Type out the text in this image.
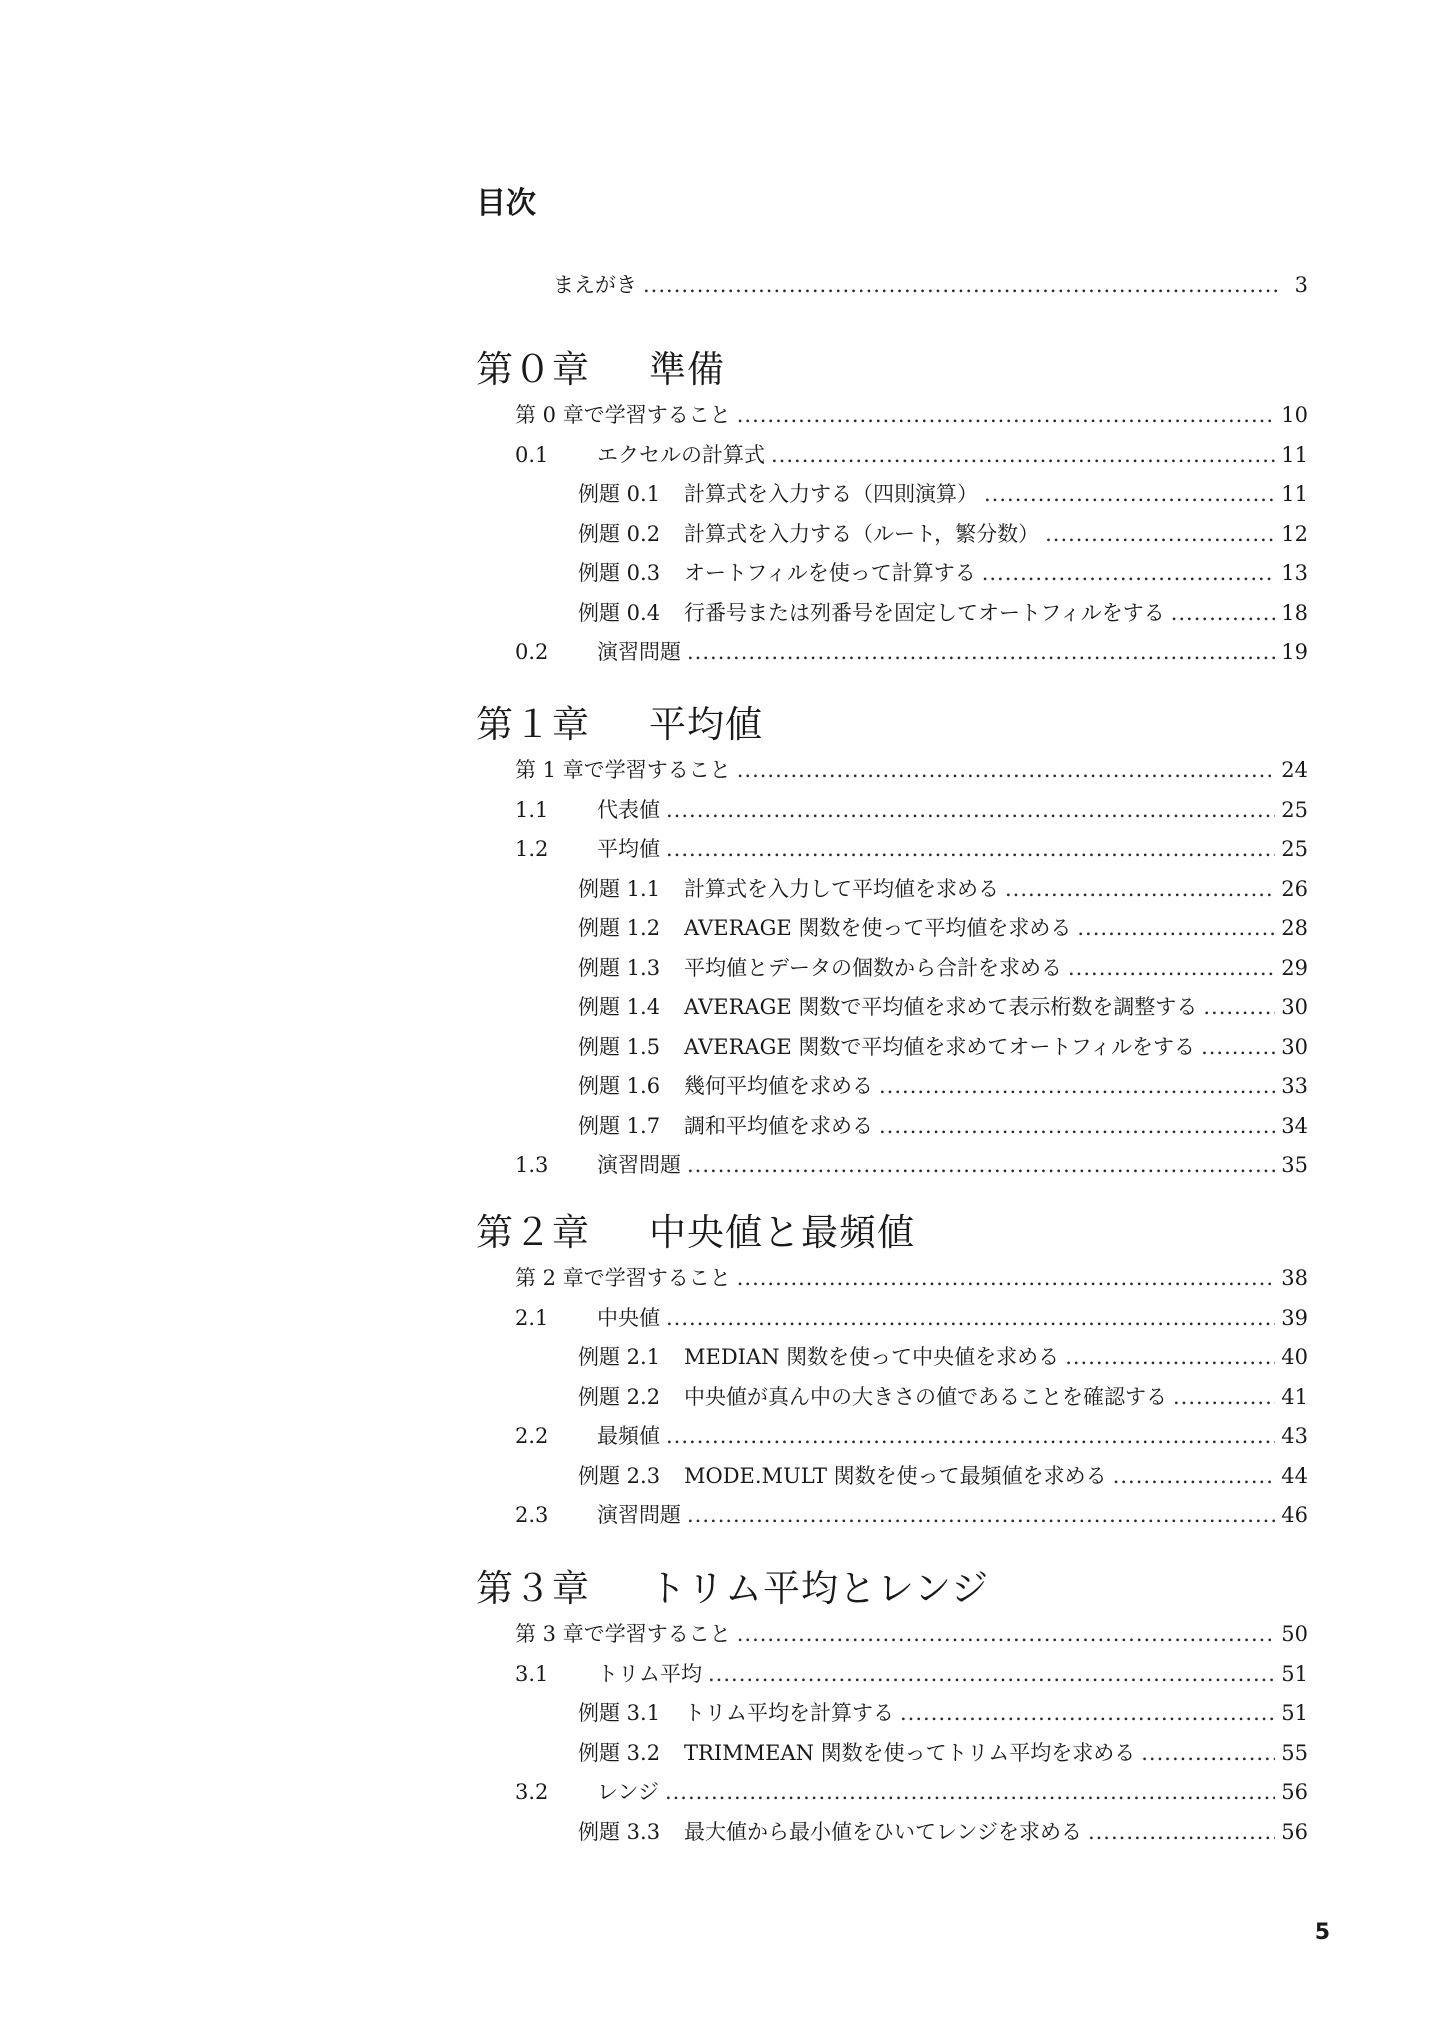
目次
まえがき .....	3
第０章	準備
第 0 章で学習すること .....	10
0.1	エクセルの計算式 .....	11
例題 0.1	計算式を入力する（四則演算） .....	11
例題 0.2	計算式を入力する（ルート，繁分数） .....	12
例題 0.3	オートフィルを使って計算する .....	13
例題 0.4	行番号または列番号を固定してオートフィルをする .....	18
0.2	演習問題 .....	19
第１章	平均値
第 1 章で学習すること .....	24
1.1	代表値 .....	25
1.2	平均値 .....	25
例題 1.1	計算式を入力して平均値を求める .....	26
例題 1.2	AVERAGE 関数を使って平均値を求める .....	28
例題 1.3	平均値とデータの個数から合計を求める .....	29
例題 1.4	AVERAGE 関数で平均値を求めて表示桁数を調整する .....	30
例題 1.5	AVERAGE 関数で平均値を求めてオートフィルをする .....	30
例題 1.6	幾何平均値を求める .....	33
例題 1.7	調和平均値を求める .....	34
1.3	演習問題 .....	35
第２章	中央値と最頻値
第 2 章で学習すること .....	38
2.1	中央値 .....	39
例題 2.1	MEDIAN 関数を使って中央値を求める .....	40
例題 2.2	中央値が真ん中の大きさの値であることを確認する .....	41
2.2	最頻値 .....	43
例題 2.3	MODE.MULT 関数を使って最頻値を求める .....	44
2.3	演習問題 .....	46
第３章	トリム平均とレンジ
第 3 章で学習すること .....	50
3.1	トリム平均 .....	51
例題 3.1	トリム平均を計算する .....	51
例題 3.2	TRIMMEAN 関数を使ってトリム平均を求める .....	55
3.2	レンジ .....	56
例題 3.3	最大値から最小値をひいてレンジを求める .....	56
5
